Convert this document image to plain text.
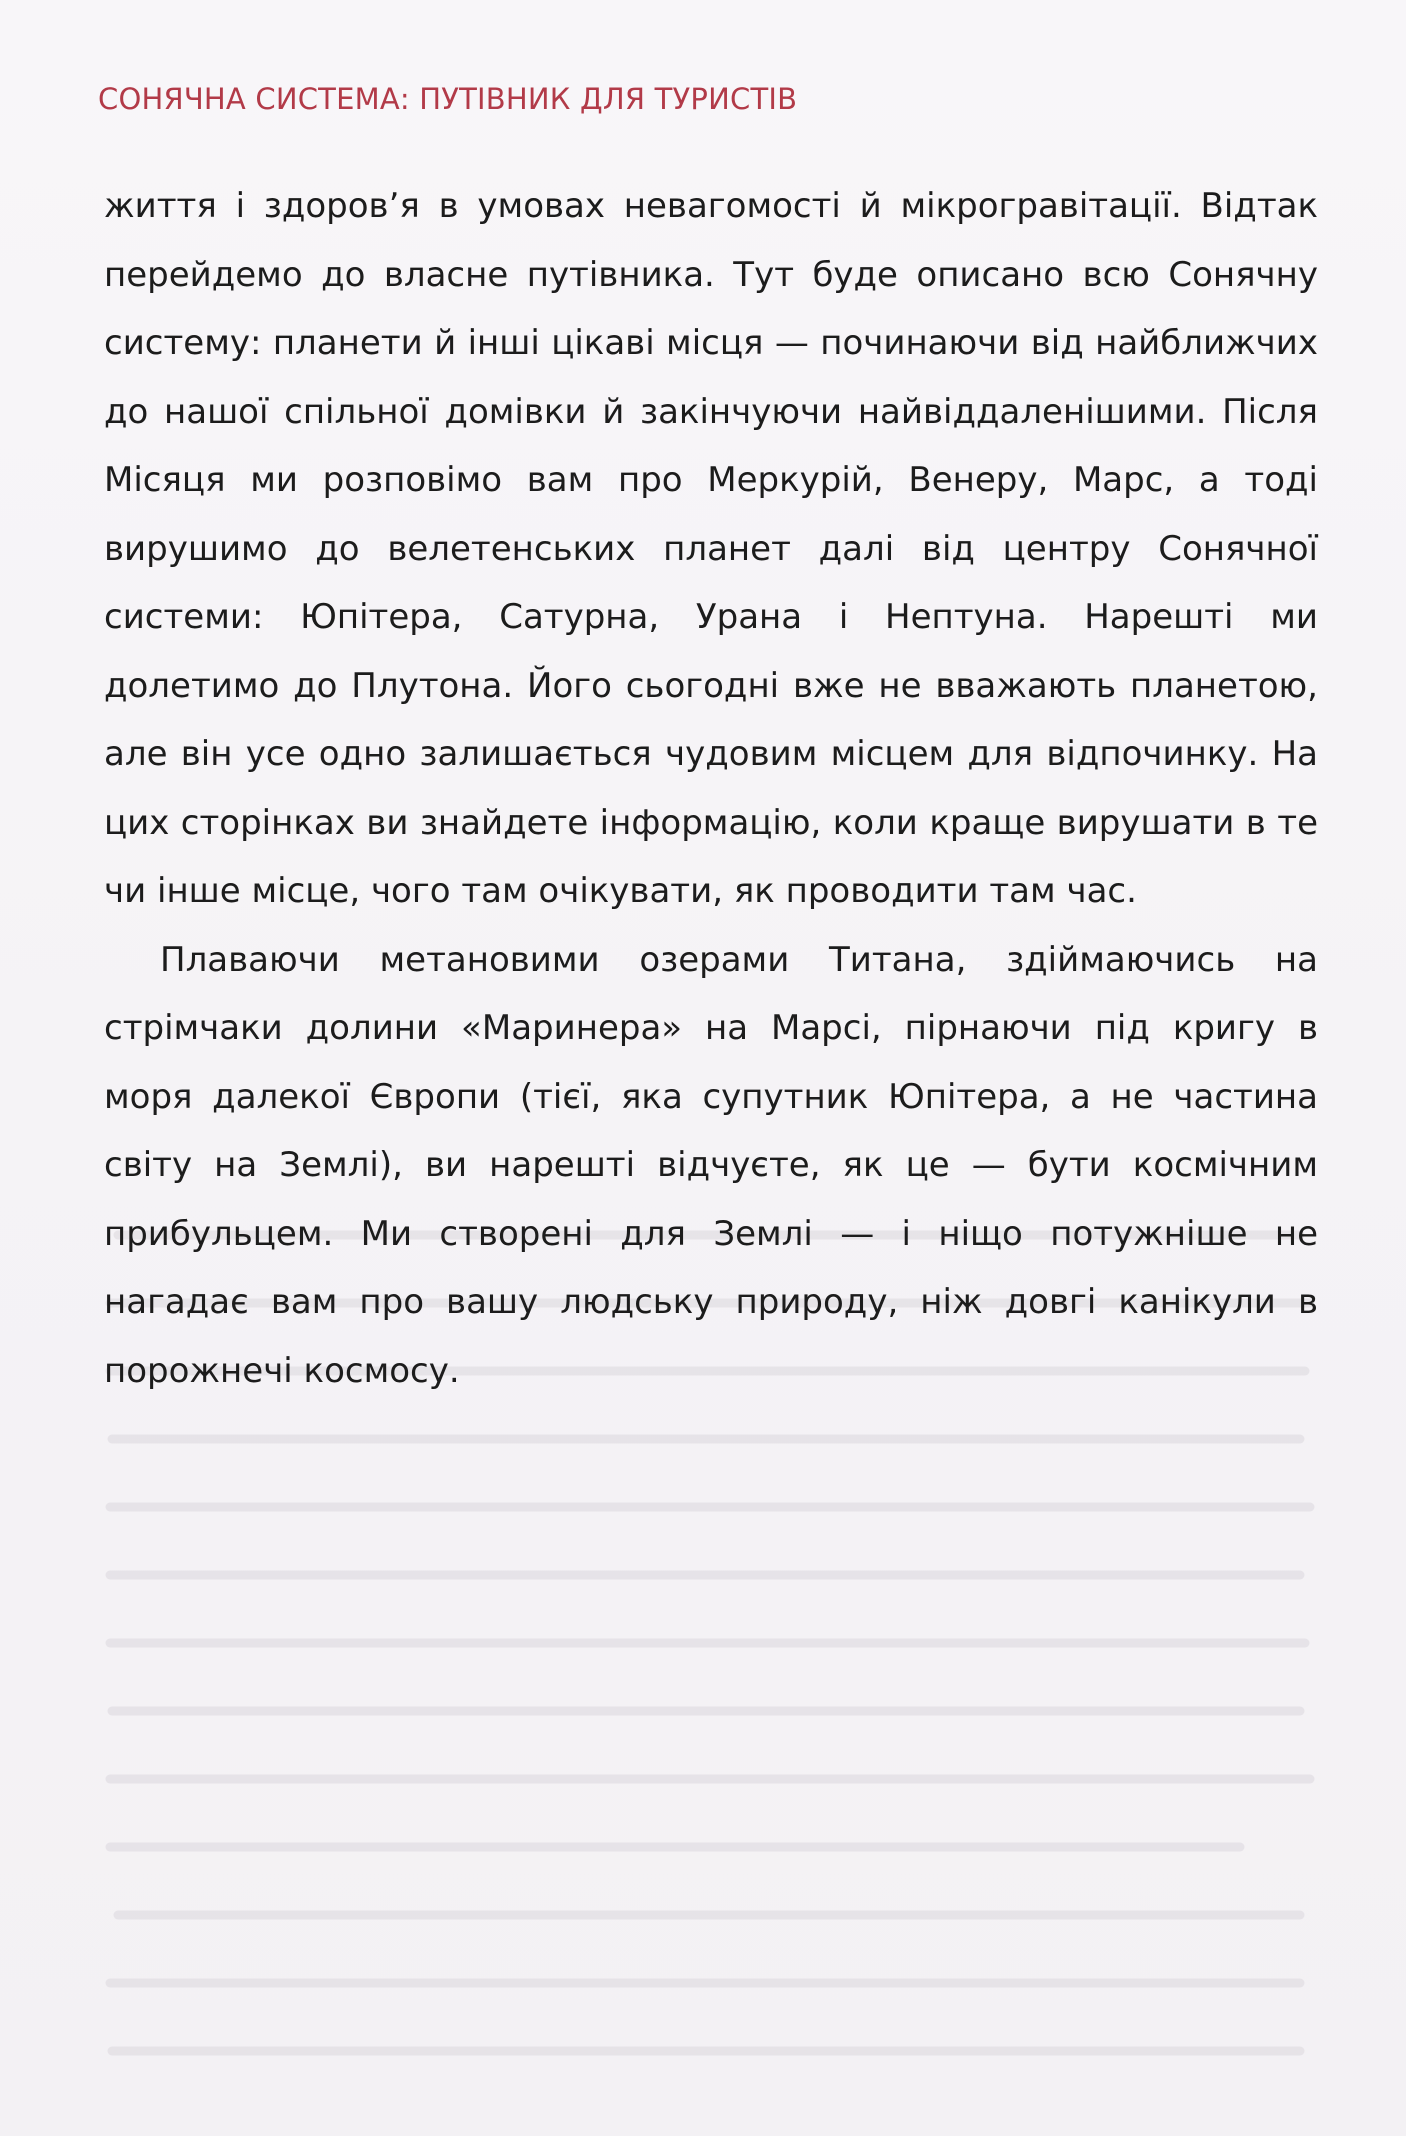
СОНЯЧНА СИСТЕМА: ПУТІВНИК ДЛЯ ТУРИСТІВ

життя і здоров’я в умовах невагомості й мікрогравітації. Відтак перейдемо до власне путівника. Тут буде описано всю Сонячну систему: планети й інші цікаві місця — починаючи від найближчих до нашої спільної домівки й закінчуючи найвіддаленішими. Після Місяця ми розповімо вам про Меркурій, Венеру, Марс, а тоді вирушимо до велетенських планет далі від центру Сонячної системи: Юпітера, Сатурна, Урана і Нептуна. Нарешті ми долетимо до Плутона. Його сьогодні вже не вважають планетою, але він усе одно залишається чудовим місцем для відпочинку. На цих сторінках ви знайдете інформацію, коли краще вирушати в те чи інше місце, чого там очікувати, як проводити там час.

Плаваючи метановими озерами Титана, здіймаючись на стрімчаки долини «Маринера» на Марсі, пірнаючи під кригу в моря далекої Європи (тієї, яка супутник Юпітера, а не частина світу на Землі), ви нарешті відчуєте, як це — бути космічним прибульцем. Ми створені для Землі — і ніщо потужніше не нагадає вам про вашу людську природу, ніж довгі канікули в порожнечі космосу.
